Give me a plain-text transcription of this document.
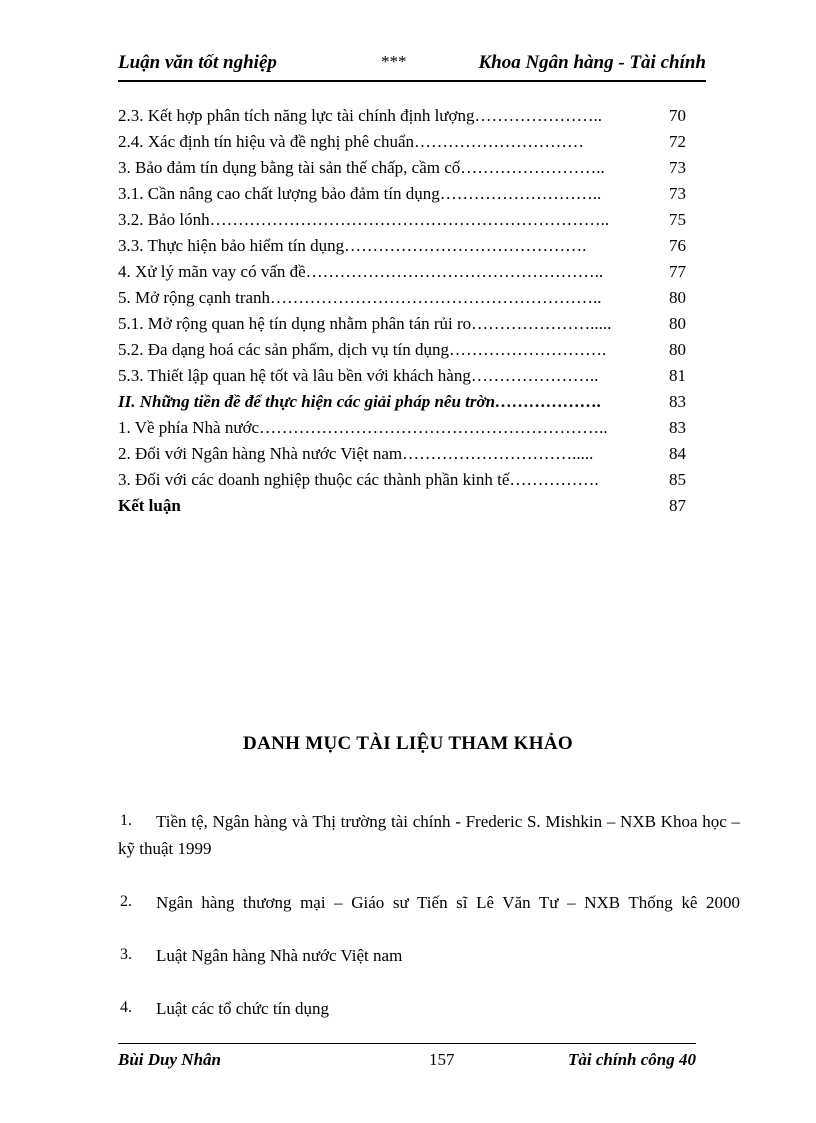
Luận văn tốt nghiệp	***	Khoa Ngân hàng - Tài chính
2.3. Kết hợp phân tích năng lực tài chính định lượng…………………..	70
2.4. Xác định tín hiệu và đề nghị phê chuẩn…………………………	72
3. Bảo đảm tín dụng bằng tài sản thế chấp, cầm cố……………………..	73
3.1. Cần nâng cao chất lượng bảo đảm tín dụng………………………..	73
3.2. Bảo lónh……………………………………………………………..	75
3.3. Thực hiện bảo hiểm tín dụng…………………………………….	76
4. Xử lý mãn vay có vấn đề……………………………………………..	77
5. Mở rộng cạnh tranh…………………………………………………..	80
5.1. Mở rộng quan hệ tín dụng nhằm phân tán rủi ro………………….....	80
5.2. Đa dạng hoá các sản phẩm, dịch vụ tín dụng……………………….	80
5.3. Thiết lập quan hệ tốt và lâu bền với khách hàng…………………..	81
II. Những tiền đề để thực hiện các giải pháp nêu trờn……………….	83
1. Về phía Nhà nước……………………………………………………..	83
2. Đối với Ngân hàng Nhà nước Việt nam………………………….....	84
3. Đối với các doanh nghiệp thuộc các thành phần kinh tế…………….	85
Kết luận	87
DANH MỤC TÀI LIỆU THAM KHẢO
1.	Tiền tệ, Ngân hàng và Thị trường tài chính - Frederic S. Mishkin – NXB Khoa học – kỹ thuật 1999
2.	Ngân hàng thương mại – Giáo sư Tiến sĩ Lê Văn Tư – NXB Thống kê 2000
3.	Luật Ngân hàng Nhà nước Việt nam
4.	Luật các tổ chức tín dụng
Bùi Duy Nhân	157	Tài chính công 40
